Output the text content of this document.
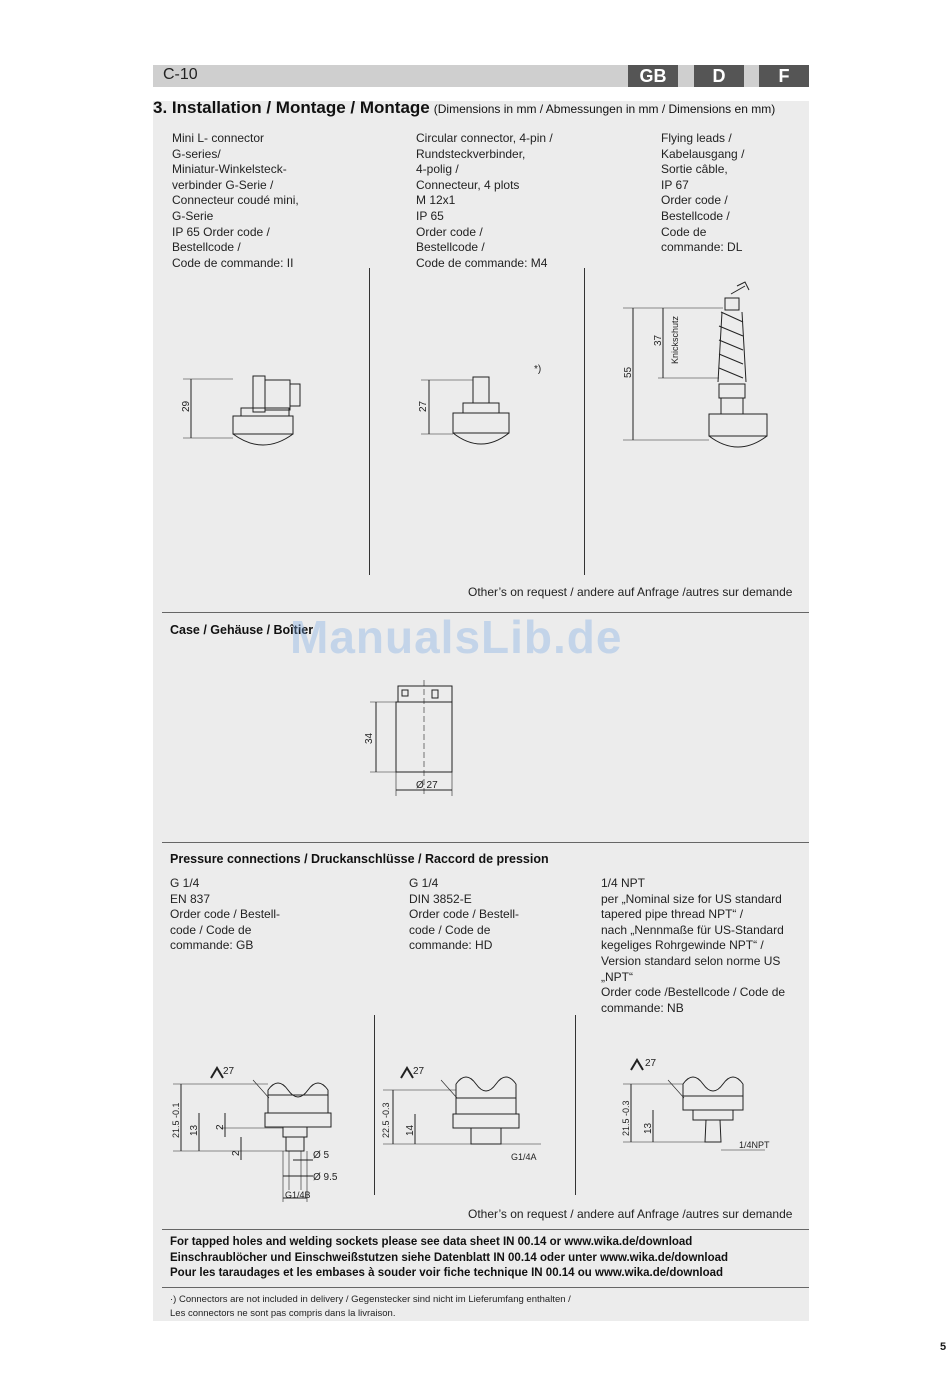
C-10	GB	D	F
3. Installation / Montage / Montage (Dimensions in mm / Abmessungen in mm / Dimensions en mm)
Mini L- connector
G-series/
Miniatur-Winkelsteck-
verbinder G-Serie /
Connecteur coudé mini,
G-Serie
IP 65 Order code /
Bestellcode /
Code de commande: II
Circular connector, 4-pin /
Rundsteckverbinder,
4-polig /
Connecteur, 4 plots
M 12x1
IP 65
Order code /
Bestellcode /
Code de commande: M4
Flying leads /
Kabelausgang /
Sortie câble,
IP 67
Order code /
Bestellcode /
Code de
commande: DL
29	27
*)
37
55
Knickschutz
Other’s on request / andere auf Anfrage /autres sur demande
Case / Gehäuse / Boîtier
ManualsLib.de
34
Ø 27
Pressure connections / Druckanschlüsse / Raccord de pression
G 1/4
EN 837
Order code / Bestell-
code / Code de
commande: GB
G 1/4
DIN 3852-E
Order code / Bestell-
code / Code de
commande: HD
1/4 NPT
per „Nominal size for US standard
tapered pipe thread NPT“ /
nach „Nennmaße für US-Standard
kegeliges Rohrgewinde NPT“ /
Version standard selon norme US
„NPT“
Order code /Bestellcode / Code de
commande: NB
27
21.5 -0.1 13 2
2	Ø 5
Ø 9.5
G1/4B
27
22.5 -0.3 14
G1/4A
27
21.5 -0.3 13
1/4NPT
Other’s on request / andere auf Anfrage /autres sur demande
For tapped holes and welding sockets please see data sheet IN 00.14 or www.wika.de/download
Einschraublöcher und Einschweißstutzen siehe Datenblatt IN 00.14 oder unter www.wika.de/download
Pour les taraudages et les embases à souder voir fiche technique IN 00.14 ou www.wika.de/download
·) Connectors are not included in delivery / Gegenstecker sind nicht im Lieferumfang enthalten /
Les connectors ne sont pas compris dans la livraison.
5
